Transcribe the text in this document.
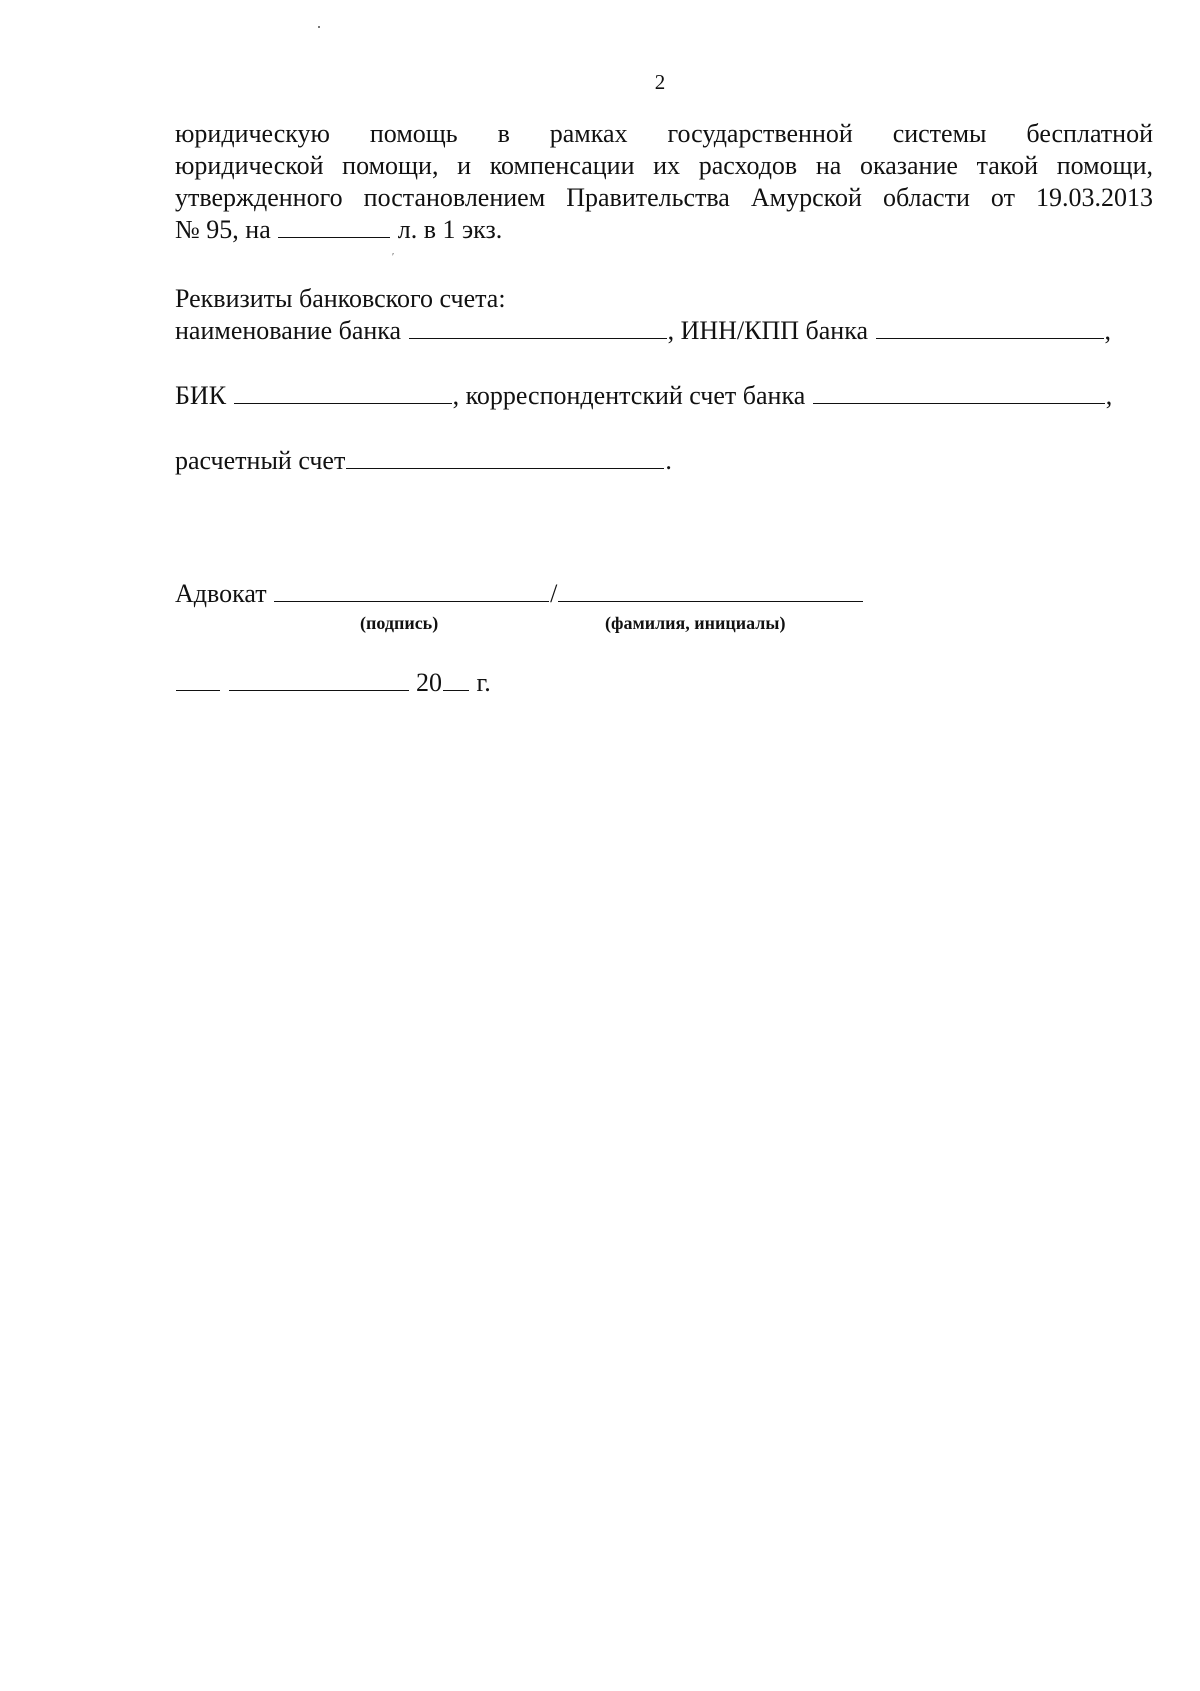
2
юридическую помощь в рамках государственной системы бесплатной
юридической помощи, и компенсации их расходов на оказание такой помощи,
утвержденного постановлением Правительства Амурской области от 19.03.2013
№ 95, на	л. в 1 экз.
′
Реквизиты банковского счета:
наименование банка	, ИНН/КПП банка	,
БИК	, корреспондентский счет банка	,
расчетный счет	.
Адвокат	/
(подпись)	(фамилия, инициалы)
20 г.
